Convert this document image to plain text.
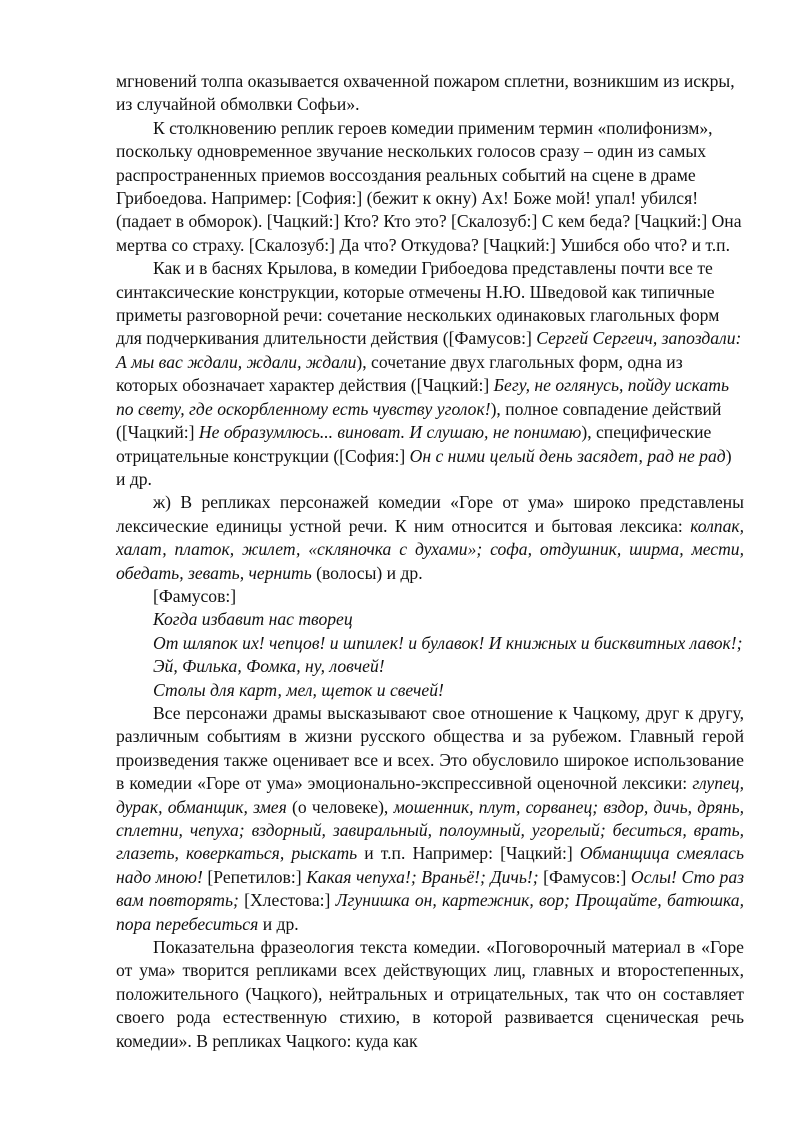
мгновений толпа оказывается охваченной пожаром сплетни, возникшим из искры, из случайной обмолвки Софьи».

К столкновению реплик героев комедии применим термин «полифонизм», поскольку одновременное звучание нескольких голосов сразу – один из самых распространенных приемов воссоздания реальных событий на сцене в драме Грибоедова. Например: [София:] (бежит к окну) Ах! Боже мой! упал! убился! (падает в обморок). [Чацкий:] Кто? Кто это? [Скалозуб:] С кем беда? [Чацкий:] Она мертва со страху. [Скалозуб:] Да что? Откудова? [Чацкий:] Ушибся обо что? и т.п.

Как и в баснях Крылова, в комедии Грибоедова представлены почти все те синтаксические конструкции, которые отмечены Н.Ю. Шведовой как типичные приметы разговорной речи: сочетание нескольких одинаковых глагольных форм для подчеркивания длительности действия ([Фамусов:] Сергей Сергеич, запоздали: А мы вас ждали, ждали, ждали), сочетание двух глагольных форм, одна из которых обозначает характер действия ([Чацкий:] Бегу, не оглянусь, пойду искать по свету, где оскорбленному есть чувству уголок!), полное совпадение действий ([Чацкий:] Не образумлюсь... виноват. И слушаю, не понимаю), специфические отрицательные конструкции ([София:] Он с ними целый день засядет, рад не рад) и др.

ж) В репликах персонажей комедии «Горе от ума» широко представлены лексические единицы устной речи. К ним относится и бытовая лексика: колпак, халат, платок, жилет, «скляночка с духами»; софа, отдушник, ширма, мести, обедать, зевать, чернить (волосы) и др.

[Фамусов:]

Когда избавит нас творец

От шляпок их! чепцов! и шпилек! и булавок! И книжных и бисквитных лавок!;

Эй, Филька, Фомка, ну, ловчей!

Столы для карт, мел, щеток и свечей!

Все персонажи драмы высказывают свое отношение к Чацкому, друг к другу, различным событиям в жизни русского общества и за рубежом. Главный герой произведения также оценивает все и всех. Это обусловило широкое использование в комедии «Горе от ума» эмоционально-экспрессивной оценочной лексики: глупец, дурак, обманщик, змея (о человеке), мошенник, плут, сорванец; вздор, дичь, дрянь, сплетни, чепуха; вздорный, завиральный, полоумный, угорелый; беситься, врать, глазеть, коверкаться, рыскать и т.п. Например: [Чацкий:] Обманщица смеялась надо мною! [Репетилов:] Какая чепуха!; Враньё!; Дичь!; [Фамусов:] Ослы! Сто раз вам повторять; [Хлестова:] Лгунишка он, картежник, вор; Прощайте, батюшка, пора перебеситься и др.

Показательна фразеология текста комедии. «Поговорочный материал в «Горе от ума» творится репликами всех действующих лиц, главных и второстепенных, положительного (Чацкого), нейтральных и отрицательных, так что он составляет своего рода естественную стихию, в которой развивается сценическая речь комедии». В репликах Чацкого: куда как
